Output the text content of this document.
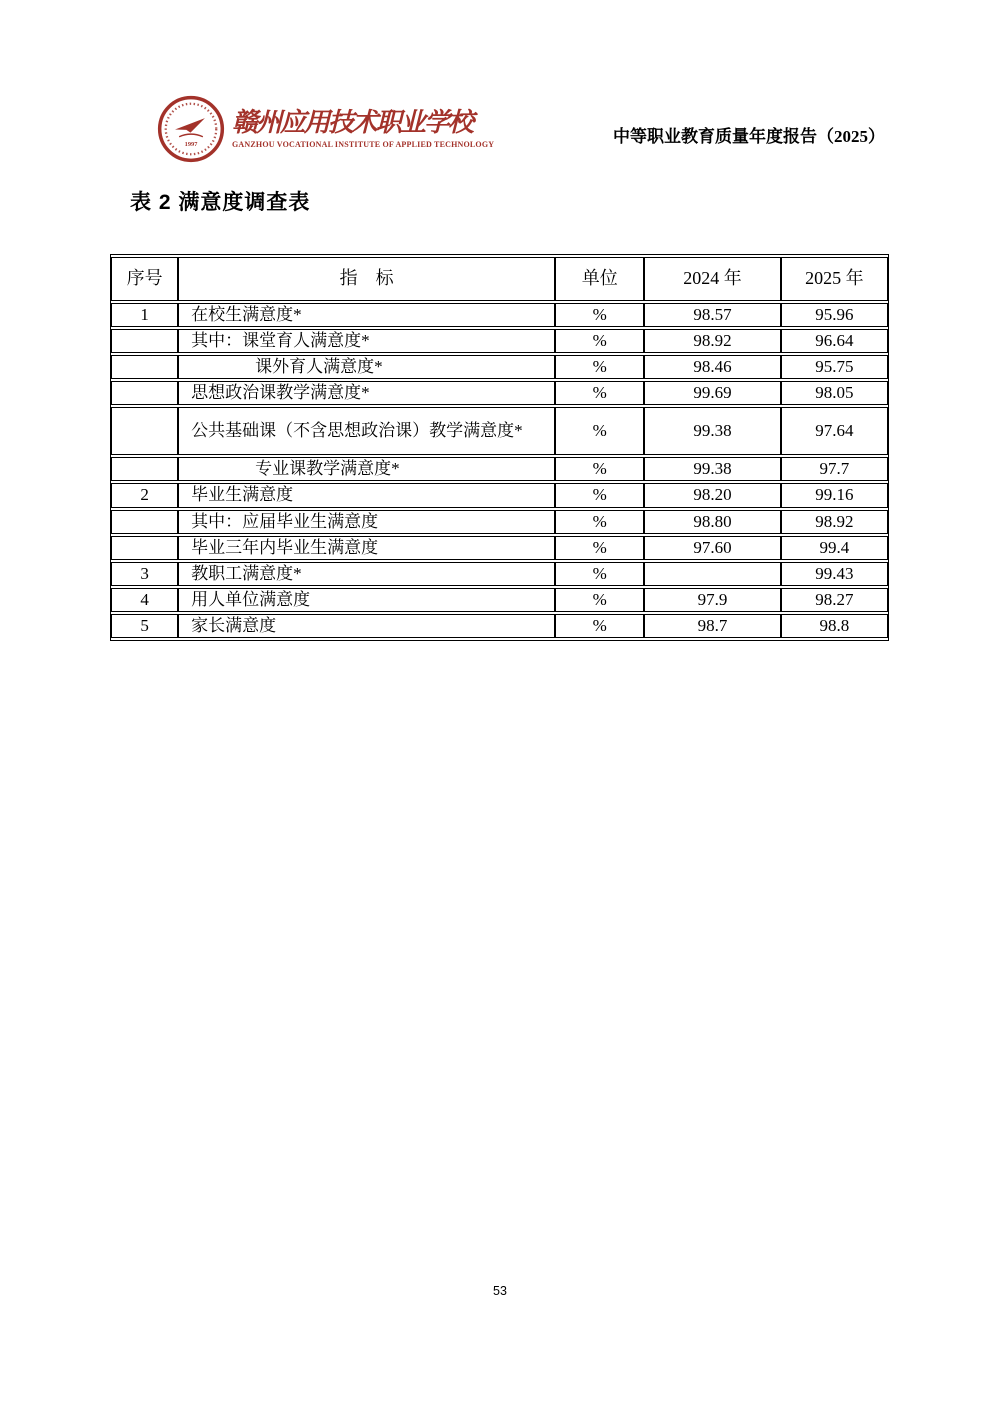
1997
赣州应用技术职业学校
GANZHOU VOCATIONAL INSTITUTE OF APPLIED TECHNOLOGY	中等职业教育质量年度报告（2025）
表 2 满意度调查表
序号	指　标	单位	2024 年	2025 年
1	在校生满意度*	%	98.57	95.96
	其中：课堂育人满意度*	%	98.92	96.64
	课外育人满意度*	%	98.46	95.75
	思想政治课教学满意度*	%	99.69	98.05
	公共基础课（不含思想政治课）教学满意度*	%	99.38	97.64
	专业课教学满意度*	%	99.38	97.7
2	毕业生满意度	%	98.20	99.16
	其中：应届毕业生满意度	%	98.80	98.92
	毕业三年内毕业生满意度	%	97.60	99.4
3	教职工满意度*	%		99.43
4	用人单位满意度	%	97.9	98.27
5	家长满意度	%	98.7	98.8
53
